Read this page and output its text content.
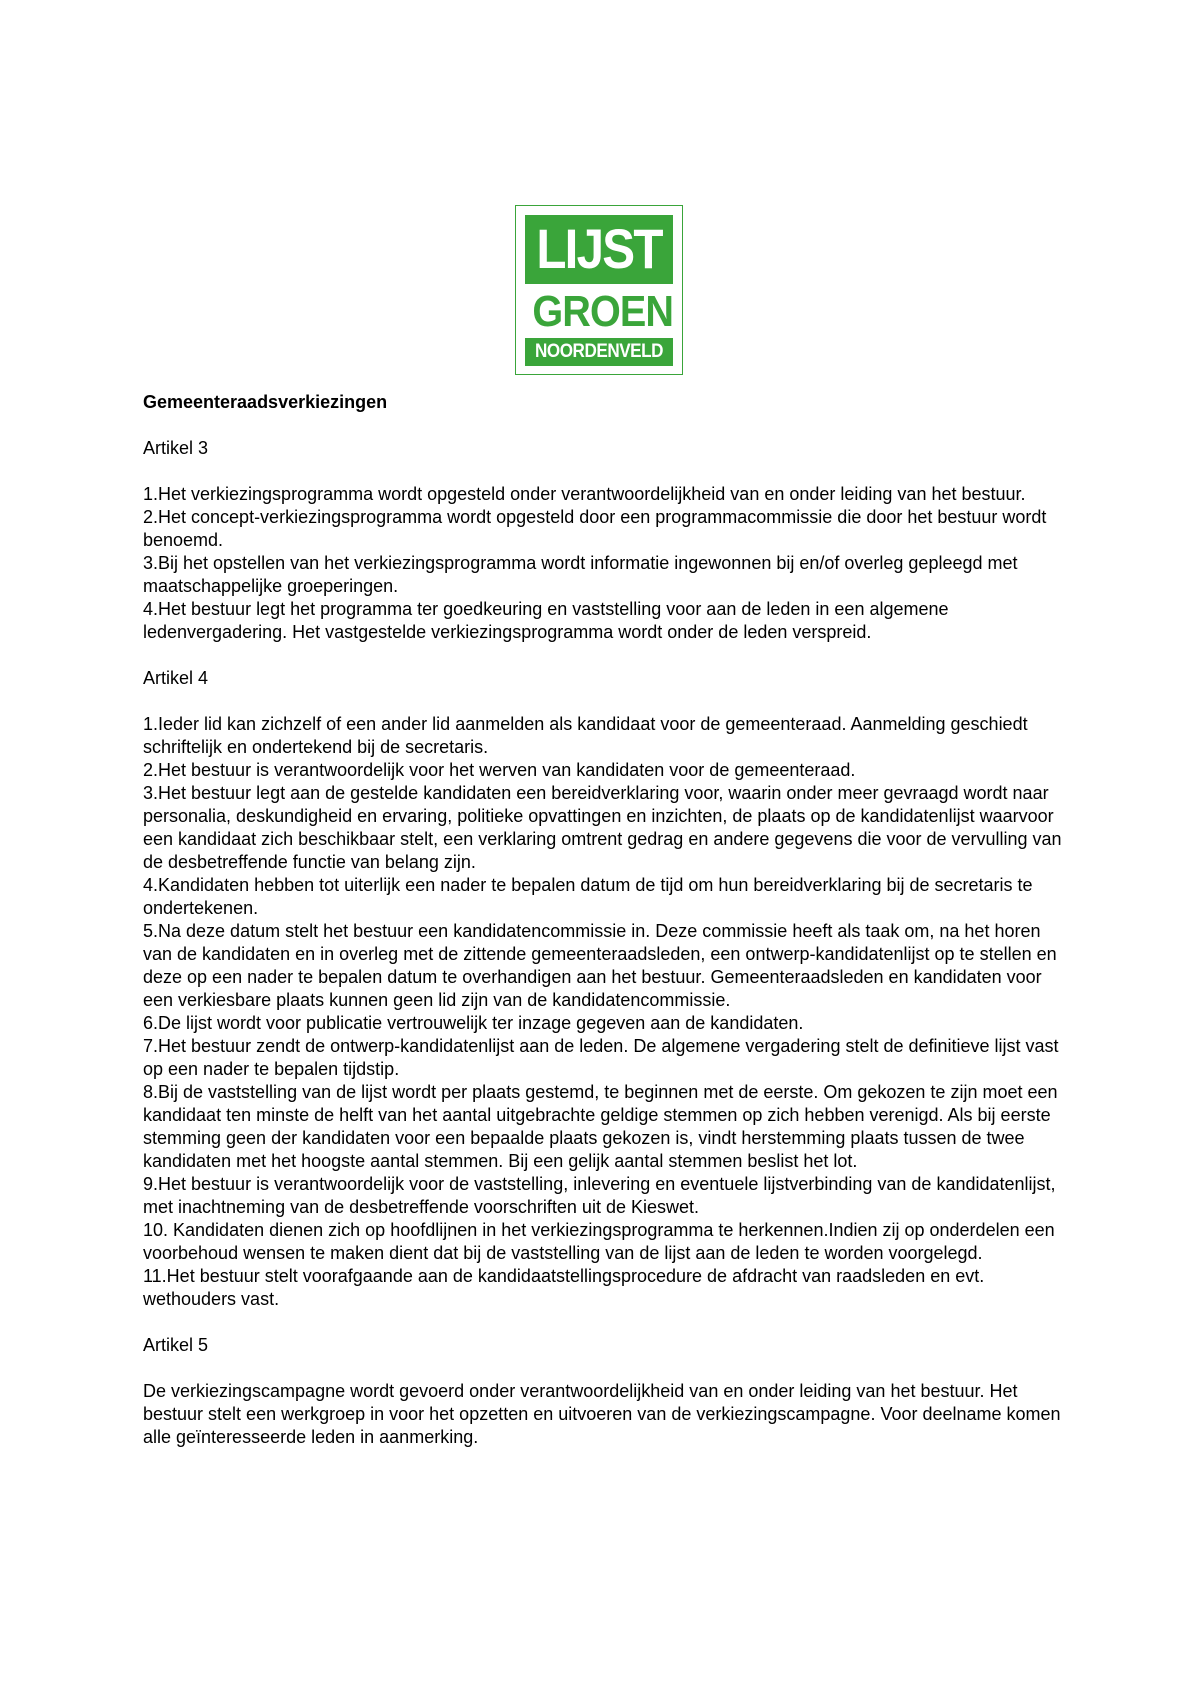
LIJST
GROEN
NOORDENVELD
Gemeenteraadsverkiezingen
Artikel 3
1.Het verkiezingsprogramma wordt opgesteld onder verantwoordelijkheid van en onder leiding van het bestuur.
2.Het concept-verkiezingsprogramma wordt opgesteld door een programmacommissie die door het bestuur wordt benoemd.
3.Bij het opstellen van het verkiezingsprogramma wordt informatie ingewonnen bij en/of overleg gepleegd met maatschappelijke groeperingen.
4.Het bestuur legt het programma ter goedkeuring en vaststelling voor aan de leden in een algemene ledenvergadering. Het vastgestelde verkiezingsprogramma wordt onder de leden verspreid.
Artikel 4
1.Ieder lid kan zichzelf of een ander lid aanmelden als kandidaat voor de gemeenteraad. Aanmelding geschiedt schriftelijk en ondertekend bij de secretaris.
2.Het bestuur is verantwoordelijk voor het werven van kandidaten voor de gemeenteraad.
3.Het bestuur legt aan de gestelde kandidaten een bereidverklaring voor, waarin onder meer gevraagd wordt naar personalia, deskundigheid en ervaring, politieke opvattingen en inzichten, de plaats op de kandidatenlijst waarvoor een kandidaat zich beschikbaar stelt, een verklaring omtrent gedrag en andere gegevens die voor de vervulling van de desbetreffende functie van belang zijn.
4.Kandidaten hebben tot uiterlijk een nader te bepalen datum de tijd om hun bereidverklaring bij de secretaris te ondertekenen.
5.Na deze datum stelt het bestuur een kandidatencommissie in. Deze commissie heeft als taak om, na het horen van de kandidaten en in overleg met de zittende gemeenteraadsleden, een ontwerp-kandidatenlijst op te stellen en deze op een nader te bepalen datum te overhandigen aan het bestuur. Gemeenteraadsleden en kandidaten voor een verkiesbare plaats kunnen geen lid zijn van de kandidatencommissie.
6.De lijst wordt voor publicatie vertrouwelijk ter inzage gegeven aan de kandidaten.
7.Het bestuur zendt de ontwerp-kandidatenlijst aan de leden. De algemene vergadering stelt de definitieve lijst vast op een nader te bepalen tijdstip.
8.Bij de vaststelling van de lijst wordt per plaats gestemd, te beginnen met de eerste. Om gekozen te zijn moet een kandidaat ten minste de helft van het aantal uitgebrachte geldige stemmen op zich hebben verenigd. Als bij eerste stemming geen der kandidaten voor een bepaalde plaats gekozen is, vindt herstemming plaats tussen de twee kandidaten met het hoogste aantal stemmen. Bij een gelijk aantal stemmen beslist het lot.
9.Het bestuur is verantwoordelijk voor de vaststelling, inlevering en eventuele lijstverbinding van de kandidatenlijst, met inachtneming van de desbetreffende voorschriften uit de Kieswet.
10. Kandidaten dienen zich op hoofdlijnen in het verkiezingsprogramma te herkennen.Indien zij op onderdelen een voorbehoud wensen te maken dient dat bij de vaststelling van de lijst aan de leden te worden voorgelegd.
11.Het bestuur stelt voorafgaande aan de kandidaatstellingsprocedure de afdracht van raadsleden en evt. wethouders vast.
Artikel 5
De verkiezingscampagne wordt gevoerd onder verantwoordelijkheid van en onder leiding van het bestuur. Het bestuur stelt een werkgroep in voor het opzetten en uitvoeren van de verkiezingscampagne. Voor deelname komen alle geïnteresseerde leden in aanmerking.
